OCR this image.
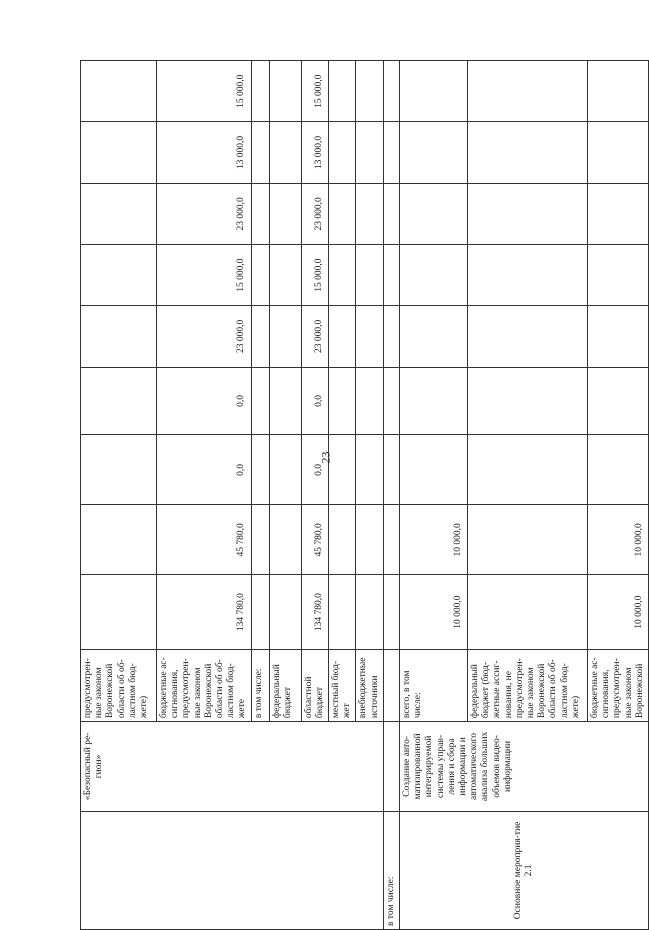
23
	«Безопасный ре-гион»	предусмотрен-ные законом Воронежской области об об-ластном бюд-жете)									
		бюджетные ас-сигнования, предусмотрен-ные законом Воронежской области об об-ластном бюд-жете	134 780,0	45 780,0	0,0	0,0	23 000,0	15 000,0	23 000,0	13 000,0	15 000,0
		в том числе:									
		федеральный бюджет									
		областной бюджет	134 780,0	45 780,0	0,0	0,0	23 000,0	15 000,0	23 000,0	13 000,0	15 000,0
		местный бюд-жет									
		внебюджетные источники									
в том числе:											
Основное мероприя-тие 2.1	Создание авто-матизированной интегрируемой системы управ-ления и сбора информации и автоматического анализа больших объемов видео-информации	всего, в том числе:	10 000,0	10 000,0							
		федеральный бюджет (бюд-жетные ассиг-нования, не предусмотрен-ные законом Воронежской области об об-ластном бюд-жете)									
		бюджетные ас-сигнования, предусмотрен-ные законом Воронежской	10 000,0	10 000,0							
